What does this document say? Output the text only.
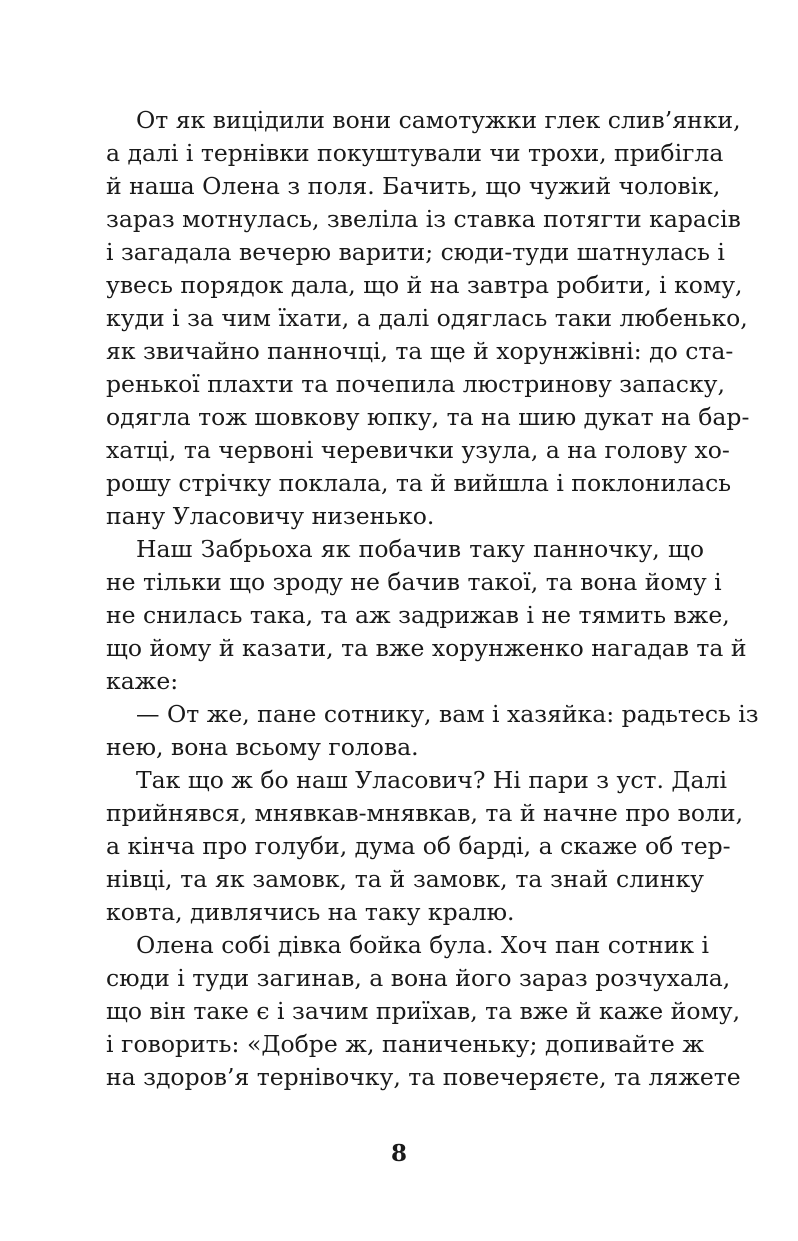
От як вицідили вони самотужки глек слив’янки,
а далі і тернівки покуштували чи трохи, прибігла
й наша Олена з поля. Бачить, що чужий чоловік,
зараз мотнулась, звеліла із ставка потягти карасів
і загадала вечерю варити; сюди-туди шатнулась і
увесь порядок дала, що й на завтра робити, і кому,
куди і за чим їхати, а далі одяглась таки любенько,
як звичайно панночці, та ще й хорунжівні: до ста-
ренької плахти та почепила люстринову запаску,
одягла тож шовкову юпку, та на шию дукат на бар-
хатці, та червоні черевички узула, а на голову хо-
рошу стрічку поклала, та й вийшла і поклонилась
пану Уласовичу низенько.

Наш Забрьоха як побачив таку панночку, що
не тільки що зроду не бачив такої, та вона йому і
не снилась така, та аж задрижав і не тямить вже,
що йому й казати, та вже хорунженко нагадав та й
каже:

— От же, пане сотнику, вам і хазяйка: радьтесь із
нею, вона всьому голова.

Так що ж бо наш Уласович? Ні пари з уст. Далі
прийнявся, мнявкав-мнявкав, та й начне про воли,
а кінча про голуби, дума об барді, а скаже об тер-
нівці, та як замовк, та й замовк, та знай слинку
ковта, дивлячись на таку кралю.

Олена собі дівка бойка була. Хоч пан сотник і
сюди і туди загинав, а вона його зараз розчухала,
що він таке є і зачим приїхав, та вже й каже йому,
і говорить: «Добре ж, паниченьку; допивайте ж
на здоров’я тернівочку, та повечеряєте, та ляжете

8
